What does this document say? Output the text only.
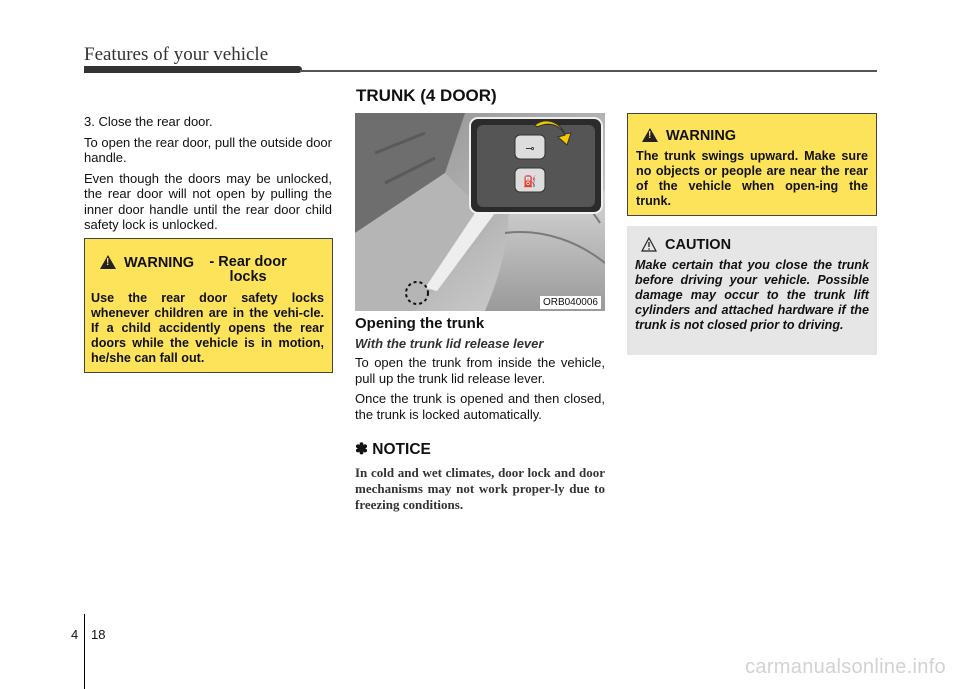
Features of your vehicle
TRUNK (4 DOOR)

3. Close the rear door.

To open the rear door, pull the outside door handle.

Even though the doors may be unlocked, the rear door will not open by pulling the inner door handle until the rear door child safety lock is unlocked.

!
WARNING	- Rear door locks
Use the rear door safety locks whenever children are in the vehi-cle. If a child accidently opens the rear doors while the vehicle is in motion, he/she can fall out.
⊸
⛽
ORB040006
Opening the trunk
With the trunk lid release lever

To open the trunk from inside the vehicle, pull up the trunk lid release lever.

Once the trunk is opened and then closed, the trunk is locked automatically.

✽ NOTICE
In cold and wet climates, door lock and door mechanisms may not work proper-ly due to freezing conditions.
!
WARNING
The trunk swings upward. Make sure no objects or people are near the rear of the vehicle when open-ing the trunk.
CAUTION
Make certain that you close the trunk before driving your vehicle. Possible damage may occur to the trunk lift cylinders and attached hardware if the trunk is not closed prior to driving.
4 18
carmanualsonline.info
